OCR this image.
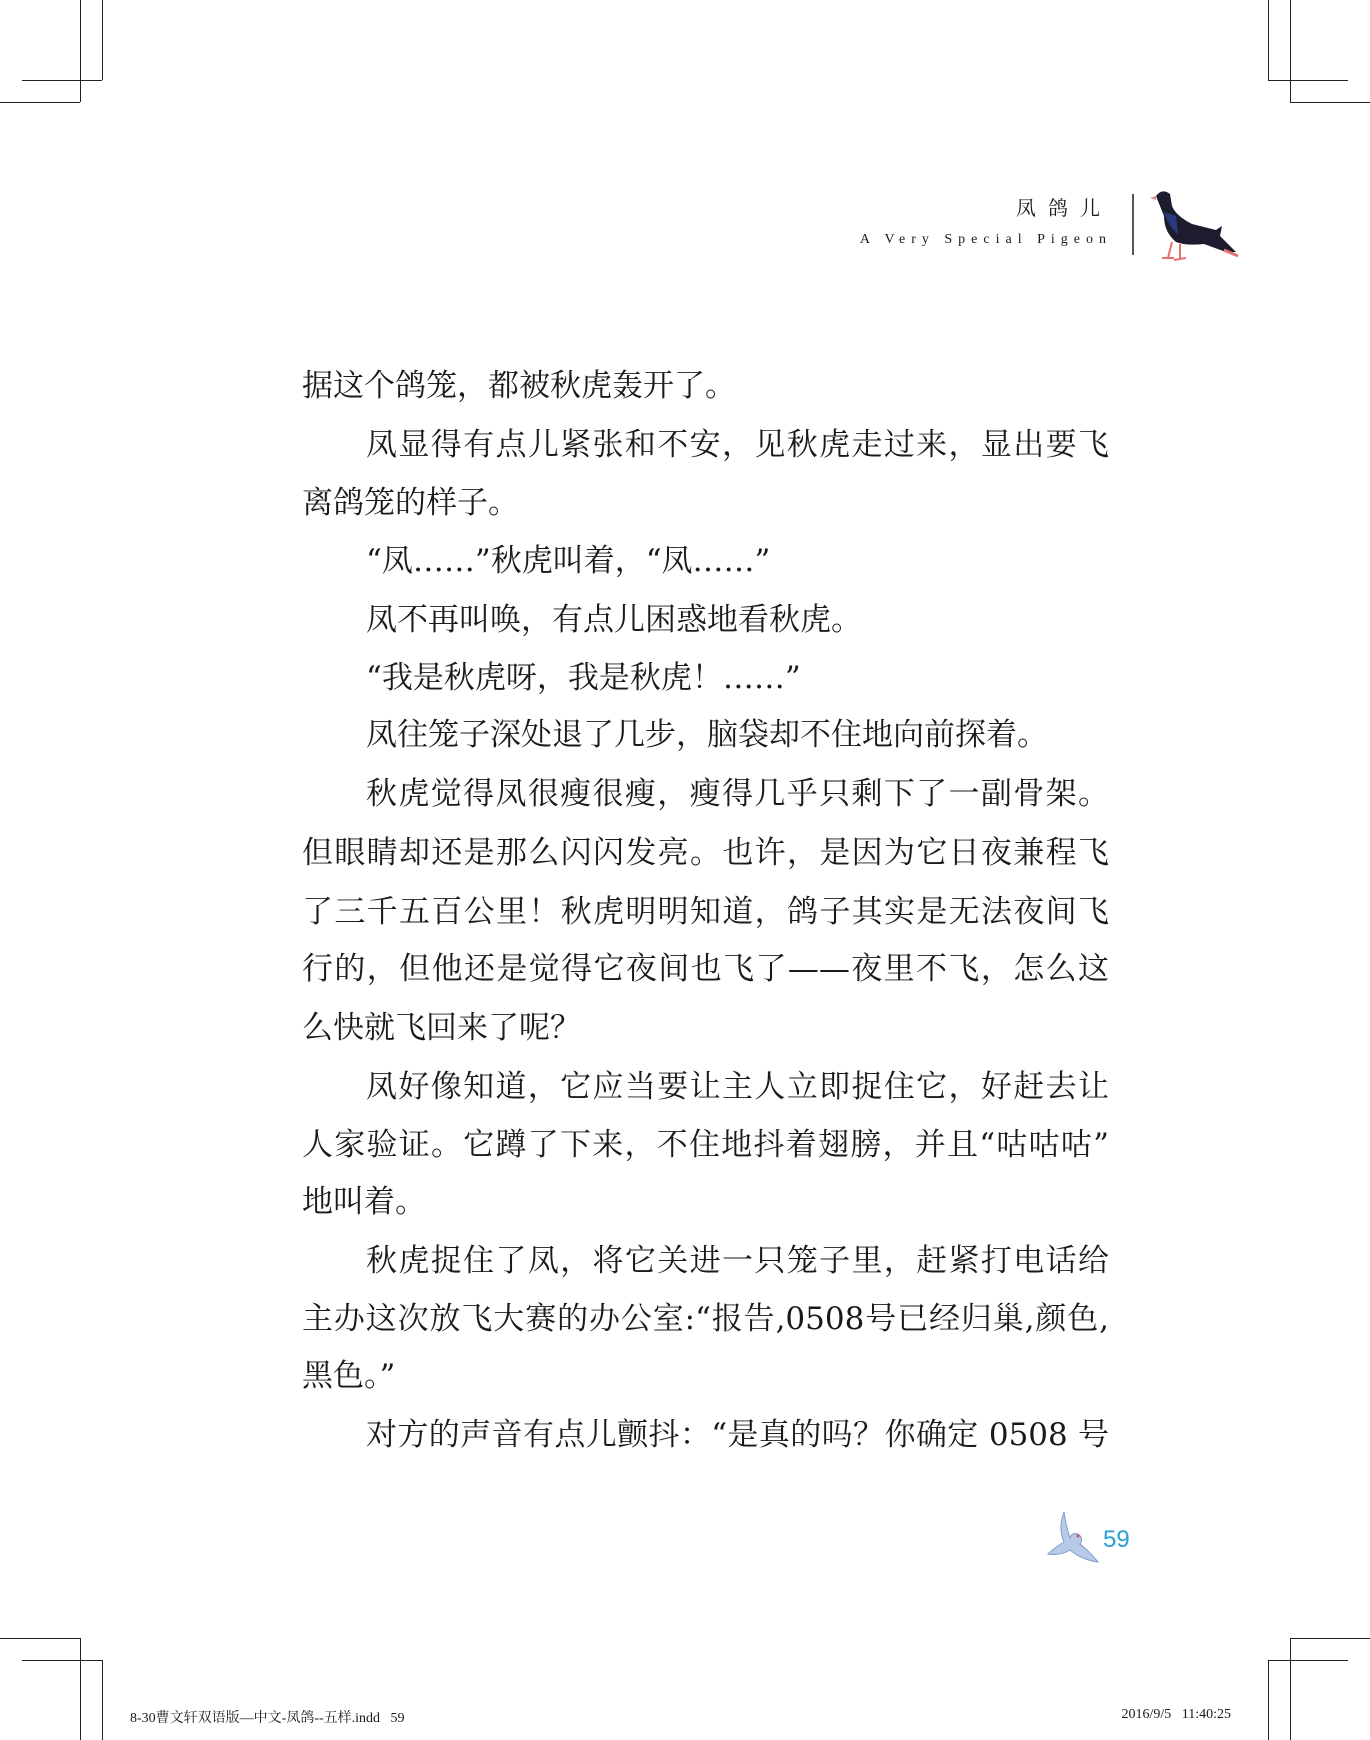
凤鸽儿
A Very Special Pigeon
据这个鸽笼，都被秋虎轰开了。
凤显得有点儿紧张和不安，见秋虎走过来，显出要飞
离鸽笼的样子。
“凤……”秋虎叫着，“凤……”
凤不再叫唤，有点儿困惑地看秋虎。
“我是秋虎呀，我是秋虎！……”
凤往笼子深处退了几步，脑袋却不住地向前探着。
秋虎觉得凤很瘦很瘦，瘦得几乎只剩下了一副骨架。
但眼睛却还是那么闪闪发亮。也许，是因为它日夜兼程飞
了三千五百公里！秋虎明明知道，鸽子其实是无法夜间飞
行的，但他还是觉得它夜间也飞了——夜里不飞，怎么这
么快就飞回来了呢？
凤好像知道，它应当要让主人立即捉住它，好赶去让
人家验证。它蹲了下来，不住地抖着翅膀，并且“咕咕咕”
地叫着。
秋虎捉住了凤，将它关进一只笼子里，赶紧打电话给
主办这次放飞大赛的办公室:“报告,0508号已经归巢,颜色,
黑色。”
对方的声音有点儿颤抖：“是真的吗？你确定 0508 号
59
8-30曹文轩双语版—中文-凤鸽--五样.indd   59	2016/9/5   11:40:25
